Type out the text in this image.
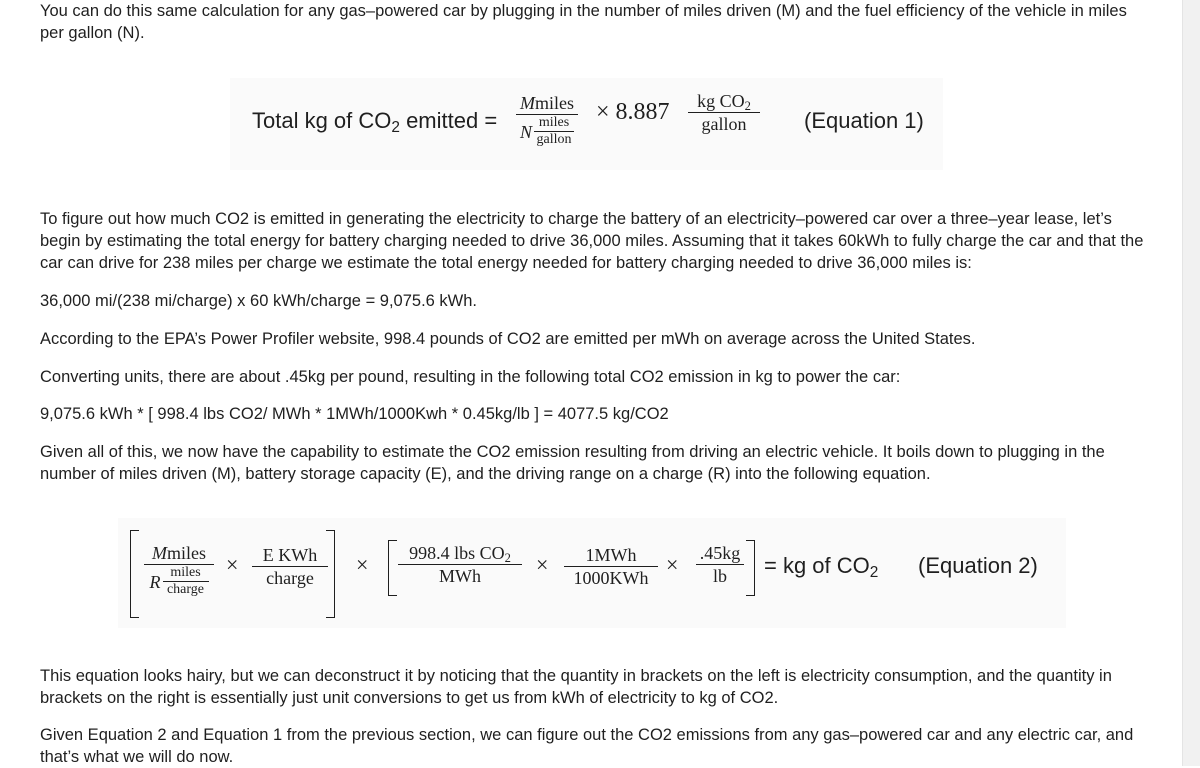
You can do this same calculation for any gas–powered car by plugging in the number of miles driven (M) and the fuel efficiency of the vehicle in miles per gallon (N).

Total kg of $CO_2$ emitted =
Mmiles
N miles
gallon
× 8.887 kg $CO_2$
gallon	(Equation 1)

To figure out how much CO2 is emitted in generating the electricity to charge the battery of an electricity–powered car over a three–year lease, let’s begin by estimating the total energy for battery charging needed to drive 36,000 miles. Assuming that it takes 60kWh to fully charge the car and that the car can drive for 238 miles per charge we estimate the total energy needed for battery charging needed to drive 36,000 miles is:

36,000 mi/(238 mi/charge) x 60 kWh/charge = 9,075.6 kWh.

According to the EPA’s Power Profiler website, 998.4 pounds of CO2 are emitted per mWh on average across the United States.

Converting units, there are about .45kg per pound, resulting in the following total CO2 emission in kg to power the car:

9,075.6 kWh * [ 998.4 lbs CO2/ MWh * 1MWh/1000Kwh * 0.45kg/lb ] = 4077.5 kg/CO2

Given all of this, we now have the capability to estimate the CO2 emission resulting from driving an electric vehicle. It boils down to plugging in the number of miles driven (M), battery storage capacity (E), and the driving range on a charge (R) into the following equation.

Mmiles
R miles
charge
× E KWh
charge
× 998.4 lbs $CO_2$
MWh	× 1MWh
1000KWh
× .45kg
lb = kg of $CO_2$ (Equation 2)

This equation looks hairy, but we can deconstruct it by noticing that the quantity in brackets on the left is electricity consumption, and the quantity in brackets on the right is essentially just unit conversions to get us from kWh of electricity to kg of CO2.

Given Equation 2 and Equation 1 from the previous section, we can figure out the CO2 emissions from any gas–powered car and any electric car, and that’s what we will do now.
